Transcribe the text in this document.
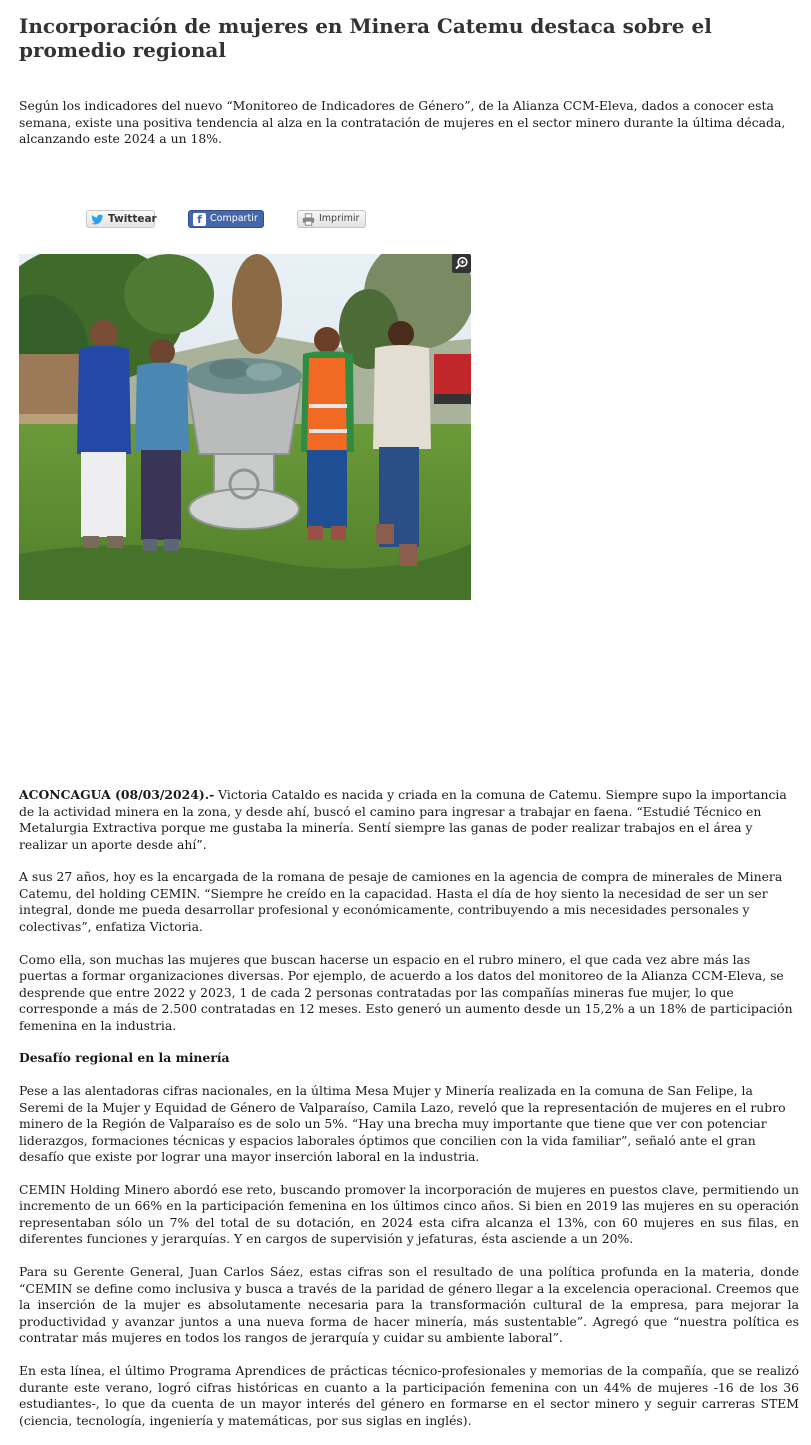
Incorporación de mujeres en Minera Catemu destaca sobre el promedio regional

Según los indicadores del nuevo “Monitoreo de Indicadores de Género”, de la Alianza CCM-Eleva, dados a conocer esta semana, existe una positiva tendencia al alza en la contratación de mujeres en el sector minero durante la última década, alcanzando este 2024 a un 18%.

Twittear	f Compartir	Imprimir

ACONCAGUA (08/03/2024).- Victoria Cataldo es nacida y criada en la comuna de Catemu. Siempre supo la importancia de la actividad minera en la zona, y desde ahí, buscó el camino para ingresar a trabajar en faena. “Estudié Técnico en Metalurgia Extractiva porque me gustaba la minería. Sentí siempre las ganas de poder realizar trabajos en el área y realizar un aporte desde ahí”.

A sus 27 años, hoy es la encargada de la romana de pesaje de camiones en la agencia de compra de minerales de Minera Catemu, del holding CEMIN. “Siempre he creído en la capacidad. Hasta el día de hoy siento la necesidad de ser un ser integral, donde me pueda desarrollar profesional y económicamente, contribuyendo a mis necesidades personales y colectivas”, enfatiza Victoria.

Como ella, son muchas las mujeres que buscan hacerse un espacio en el rubro minero, el que cada vez abre más las puertas a formar organizaciones diversas. Por ejemplo, de acuerdo a los datos del monitoreo de la Alianza CCM-Eleva, se desprende que entre 2022 y 2023, 1 de cada 2 personas contratadas por las compañías mineras fue mujer, lo que corresponde a más de 2.500 contratadas en 12 meses. Esto generó un aumento desde un 15,2% a un 18% de participación femenina en la industria.

Desafío regional en la minería

Pese a las alentadoras cifras nacionales, en la última Mesa Mujer y Minería realizada en la comuna de San Felipe, la Seremi de la Mujer y Equidad de Género de Valparaíso, Camila Lazo, reveló que la representación de mujeres en el rubro minero de la Región de Valparaíso es de solo un 5%. “Hay una brecha muy importante que tiene que ver con potenciar liderazgos, formaciones técnicas y espacios laborales óptimos que concilien con la vida familiar”, señaló ante el gran desafío que existe por lograr una mayor inserción laboral en la industria.

CEMIN Holding Minero abordó ese reto, buscando promover la incorporación de mujeres en puestos clave, permitiendo un incremento de un 66% en la participación femenina en los últimos cinco años. Si bien en 2019 las mujeres en su operación representaban sólo un 7% del total de su dotación, en 2024 esta cifra alcanza el 13%, con 60 mujeres en sus filas, en diferentes funciones y jerarquías. Y en cargos de supervisión y jefaturas, ésta asciende a un 20%.

Para su Gerente General, Juan Carlos Sáez, estas cifras son el resultado de una política profunda en la materia, donde “CEMIN se define como inclusiva y busca a través de la paridad de género llegar a la excelencia operacional. Creemos que la inserción de la mujer es absolutamente necesaria para la transformación cultural de la empresa, para mejorar la productividad y avanzar juntos a una nueva forma de hacer minería, más sustentable”. Agregó que “nuestra política es contratar más mujeres en todos los rangos de jerarquía y cuidar su ambiente laboral”.

En esta línea, el último Programa Aprendices de prácticas técnico-profesionales y memorias de la compañía, que se realizó durante este verano, logró cifras históricas en cuanto a la participación femenina con un 44% de mujeres -16 de los 36 estudiantes-, lo que da cuenta de un mayor interés del género en formarse en el sector minero y seguir carreras STEM (ciencia, tecnología, ingeniería y matemáticas, por sus siglas en inglés).
